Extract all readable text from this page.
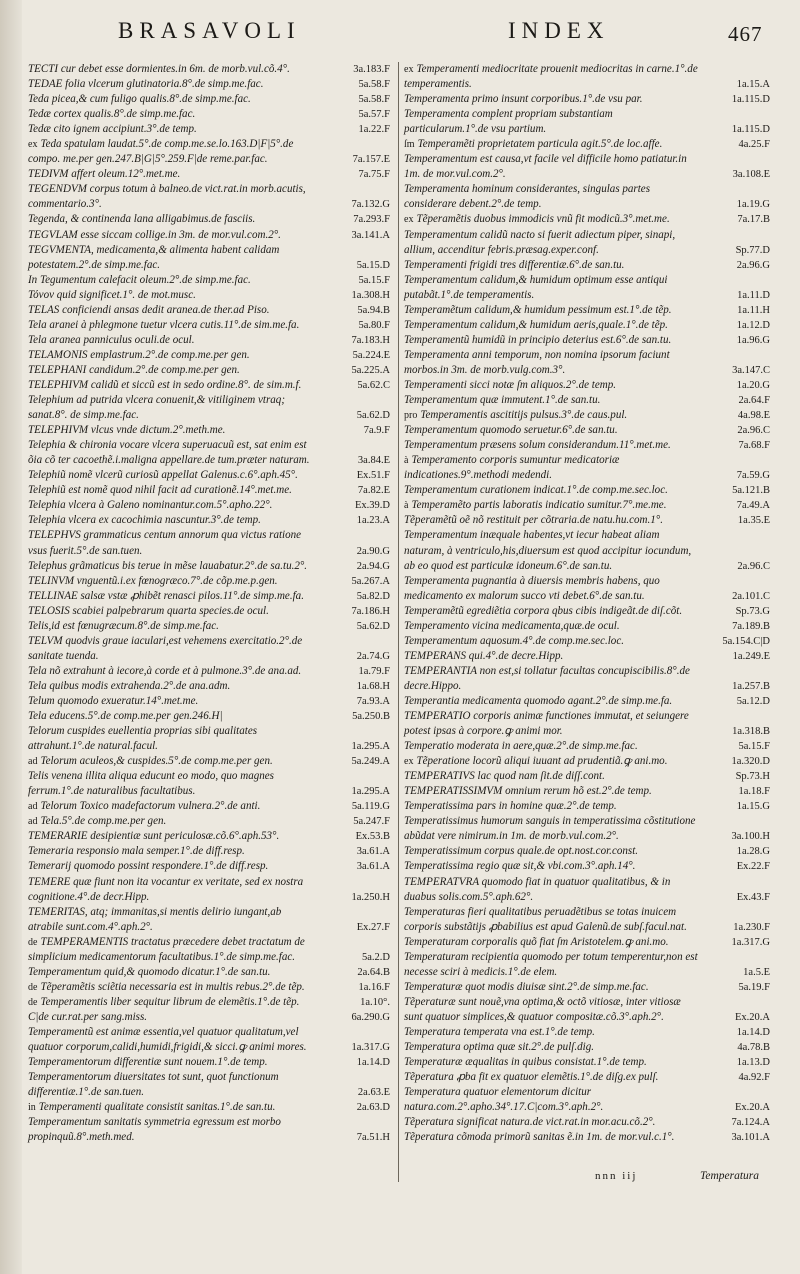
BRASAVOLI	INDEX	467
TECTI cur debet esse dormientes.in 6m. de morb.vul.cõ.4°.	3a.183.F
TEDAE folia vlcerum glutinatoria.8°.de simp.me.fac.	5a.58.F
Teda picea,& cum fuligo qualis.8°.de simp.me.fac.	5a.58.F
Tedæ cortex qualis.8°.de simp.me.fac.	5a.57.F
Tedæ cito ignem accipiunt.3°.de temp.	1a.22.F
ex Teda spatulam laudat.5°.de comp.me.se.lo.163.D|F|5°.de compo. me.per gen.247.B|G|5°.259.F|de reme.par.fac.	7a.157.E
TEDIVM affert oleum.12°.met.me.	7a.75.F
TEGENDVM corpus totum à balneo.de vict.rat.in morb.acutis, commentario.3°.	7a.132.G
Tegenda, & continenda lana alligabimus.de fasciis.	7a.293.F
TEGVLAM esse siccam collige.in 3m. de mor.vul.com.2°.	3a.141.A
TEGVMENTA, medicamenta,& alimenta habent calidam potestatem.2°.de simp.me.fac.	5a.15.D
In Tegumentum calefacit oleum.2°.de simp.me.fac.	5a.15.F
Τόνον quid significet.1°. de mot.musc.	1a.308.H
TELAS conficiendi ansas dedit aranea.de ther.ad Piso.	5a.94.B
Tela aranei à phlegmone tuetur vlcera cutis.11°.de sim.me.fa.	5a.80.F
Tela aranea panniculus oculi.de ocul.	7a.183.H
TELAMONIS emplastrum.2°.de comp.me.per gen.	5a.224.E
TELEPHANI candidum.2°.de comp.me.per gen.	5a.225.A
TELEPHIVM calidũ et siccũ est in sedo ordine.8°. de sim.m.f.	5a.62.C
Telephium ad putrida vlcera conuenit,& vitiliginem vtraq; sanat.8°. de simp.me.fac.	5a.62.D
TELEPHIVM vlcus vnde dictum.2°.meth.me.	7a.9.F
Telephia & chironia vocare vlcera superuacuũ est, sat enim est õia cõ ter cacoethẽ.i.maligna appellare.de tum.præter naturam.	3a.84.E
Telephiũ nomẽ vlcerũ curiosũ appellat Galenus.c.6°.aph.45°.	Ex.51.F
Telephiũ est nomẽ quod nihil facit ad curationẽ.14°.met.me.	7a.82.E
Telephia vlcera à Galeno nominantur.com.5°.apho.22°.	Ex.39.D
Telephia vlcera ex cacochimia nascuntur.3°.de temp.	1a.23.A
TELEPHVS grammaticus centum annorum qua victus ratione vsus fuerit.5°.de san.tuen.	2a.90.G
Telephus grãmaticus bis terue in mẽse lauabatur.2°.de sa.tu.2°.	2a.94.G
TELINVM vnguentũ.i.ex fœnogræco.7°.de cõp.me.p.gen.	5a.267.A
TELLINAE salsæ vstæ ꝓhibẽt renasci pilos.11°.de simp.me.fa.	5a.82.D
TELOSIS scabiei palpebrarum quarta species.de ocul.	7a.186.H
Telis,id est fœnugræcum.8°.de simp.me.fac.	5a.62.D
TELVM quodvis graue iaculari,est vehemens exercitatio.2°.de sanitate tuenda.	2a.74.G
Tela nõ extrahunt à iecore,à corde et à pulmone.3°.de ana.ad.	1a.79.F
Tela quibus modis extrahenda.2°.de ana.adm.	1a.68.H
Telum quomodo exueratur.14°.met.me.	7a.93.A
Tela educens.5°.de comp.me.per gen.246.H|	5a.250.B
Telorum cuspides euellentia proprias sibi qualitates attrahunt.1°.de natural.facul.	1a.295.A
ad Telorum aculeos,& cuspides.5°.de comp.me.per gen.	5a.249.A
Telis venena illita aliqua educunt eo modo, quo magnes ferrum.1°.de naturalibus facultatibus.	1a.295.A
ad Telorum Toxico madefactorum vulnera.2°.de anti.	5a.119.G
ad Tela.5°.de comp.me.per gen.	5a.247.F
TEMERARIE desipientiæ sunt periculosæ.cõ.6°.aph.53°.	Ex.53.B
Temeraria responsio mala semper.1°.de diff.resp.	3a.61.A
Temerarij quomodo possint respondere.1°.de diff.resp.	3a.61.A
TEMERE quæ fiunt non ita vocantur ex veritate, sed ex nostra cognitione.4°.de decr.Hipp.	1a.250.H
TEMERITAS, atq; immanitas,si mentis delirio iungant,ab atrabile sunt.com.4°.aph.2°.	Ex.27.F
de TEMPERAMENTIS tractatus præcedere debet tractatum de simplicium medicamentorum facultatibus.1°.de simp.me.fac.	5a.2.D
Temperamentum quid,& quomodo dicatur.1°.de san.tu.	2a.64.B
de Tẽperamẽtis sciẽtia necessaria est in multis rebus.2°.de tẽp.	1a.16.F
de Temperamentis liber sequitur librum de elemẽtis.1°.de tẽp.	1a.10°.
C|de cur.rat.per sang.miss.	6a.290.G
Temperamentũ est animæ essentia,vel quatuor qualitatum,vel quatuor corporum,calidi,humidi,frigidi,& sicci.ꝙ animi mores.	1a.317.G
Temperamentorum differentiæ sunt nouem.1°.de temp.	1a.14.D
Temperamentorum diuersitates tot sunt, quot functionum differentiæ.1°.de san.tuen.	2a.63.E
in Temperamenti qualitate consistit sanitas.1°.de san.tu.	2a.63.D
Temperamentum sanitatis symmetria egressum est morbo propinquũ.8°.meth.med.	7a.51.H
ex Temperamenti mediocritate prouenit mediocritas in carne.1°.de temperamentis.	1a.15.A
Temperamenta primo insunt corporibus.1°.de vsu par.	1a.115.D
Temperamenta complent propriam substantiam particularum.1°.de vsu partium.	1a.115.D
ſm Temperamẽti proprietatem particula agit.5°.de loc.affe.	4a.25.F
Temperamentum est causa,vt facile vel difficile homo patiatur.in 1m. de mor.vul.com.2°.	3a.108.E
Temperamenta hominum considerantes, singulas partes considerare debent.2°.de temp.	1a.19.G
ex Tẽperamẽtis duobus immodicis vnũ fit modicũ.3°.met.me.	7a.17.B
Temperamentum calidũ nacto si fuerit adiectum piper, sinapi, allium, accenditur febris.præsag.exper.conf.	Sp.77.D
Temperamenti frigidi tres differentiæ.6°.de san.tu.	2a.96.G
Temperamentum calidum,& humidum optimum esse antiqui putabãt.1°.de temperamentis.	1a.11.D
Temperamẽtum calidum,& humidum pessimum est.1°.de tẽp.	1a.11.H
Temperamentum calidum,& humidum aeris,quale.1°.de tẽp.	1a.12.D
Temperamentũ humidũ in principio deterius est.6°.de san.tu.	1a.96.G
Temperamenta anni temporum, non nomina ipsorum faciunt morbos.in 3m. de morb.vulg.com.3°.	3a.147.C
Temperamenti sicci notæ ſm aliquos.2°.de temp.	1a.20.G
Temperamentum quæ immutent.1°.de san.tu.	2a.64.F
pro Temperamentis ascititijs pulsus.3°.de caus.pul.	4a.98.E
Temperamentum quomodo seruetur.6°.de san.tu.	2a.96.C
Temperamentum præsens solum considerandum.11°.met.me.	7a.68.F
à Temperamento corporis sumuntur medicatoriæ indicationes.9°.methodi medendi.	7a.59.G
Temperamentum curationem indicat.1°.de comp.me.sec.loc.	5a.121.B
à Temperamẽto partis laboratis indicatio sumitur.7°.me.me.	7a.49.A
Tẽperamẽtũ oẽ nõ restituit per cõtraria.de natu.hu.com.1°.	1a.35.E
Temperamentum inæquale habentes,vt iecur habeat aliam naturam, à ventriculo,his,diuersum est quod accipitur iocundum, ab eo quod est particulæ idoneum.6°.de san.tu.	2a.96.C
Temperamenta pugnantia à diuersis membris habens, quo medicamento ex malorum succo vti debet.6°.de san.tu.	2a.101.C
Temperamẽtũ egrediẽtia corpora qbus cibis indigeãt.de diſ.cõt.	Sp.73.G
Temperamento vicina medicamenta,quæ.de ocul.	7a.189.B
Temperamentum aquosum.4°.de comp.me.sec.loc.	5a.154.C|D
TEMPERANS qui.4°.de decre.Hipp.	1a.249.E
TEMPERANTIA non est,si tollatur facultas concupiscibilis.8°.de decre.Hippo.	1a.257.B
Temperantia medicamenta quomodo agant.2°.de simp.me.fa.	5a.12.D
TEMPERATIO corporis animæ functiones immutat, et seiungere potest ipsas à corpore.ꝙ animi mor.	1a.318.B
Temperatio moderata in aere,quæ.2°.de simp.me.fac.	5a.15.F
ex Tẽperatione locorũ aliqui iuuant ad prudentiã.ꝙ ani.mo.	1a.320.D
TEMPERATIVS lac quod nam ſit.de diſſ.cont.	Sp.73.H
TEMPERATISSIMVM omnium rerum hõ est.2°.de temp.	1a.18.F
Temperatissima pars in homine quæ.2°.de temp.	1a.15.G
Temperatissimus humorum sanguis in temperatissima cõstitutione abũdat vere nimirum.in 1m. de morb.vul.com.2°.	3a.100.H
Temperatissimum corpus quale.de opt.nost.cor.const.	1a.28.G
Temperatissima regio quæ sit,& vbi.com.3°.aph.14°.	Ex.22.F
TEMPERATVRA quomodo fiat in quatuor qualitatibus, & in duabus solis.com.5°.aph.62°.	Ex.43.F
Temperaturas fieri qualitatibus peruadẽtibus se totas inuicem corporis substãtijs ꝓbabilius est apud Galenũ.de subſ.facul.nat.	1a.230.F
Temperaturam corporalis quõ fiat ſm Aristotelem.ꝙ ani.mo.	1a.317.G
Temperaturam recipientia quomodo per totum temperentur,non est necesse sciri à medicis.1°.de elem.	1a.5.E
Temperaturæ quot modis diuisæ sint.2°.de simp.me.fac.	5a.19.F
Tẽperaturæ sunt nouẽ,vna optima,& octõ vitiosæ, inter vitiosæ sunt quatuor simplices,& quatuor compositæ.cõ.3°.aph.2°.	Ex.20.A
Temperatura temperata vna est.1°.de temp.	1a.14.D
Temperatura optima quæ sit.2°.de pulſ.dig.	4a.78.B
Temperaturæ æqualitas in quibus consistat.1°.de temp.	1a.13.D
Tẽperatura ꝓba fit ex quatuor elemẽtis.1°.de diſg.ex pulſ.	4a.92.F
Temperatura quatuor elementorum dicitur natura.com.2°.apho.34°.17.C|com.3°.aph.2°.	Ex.20.A
Tẽperatura significat natura.de vict.rat.in mor.acu.cõ.2°.	7a.124.A
Tẽperatura cõmoda primorũ sanitas ẽ.in 1m. de mor.vul.c.1°.	3a.101.A
nnn iij	Temperatura
